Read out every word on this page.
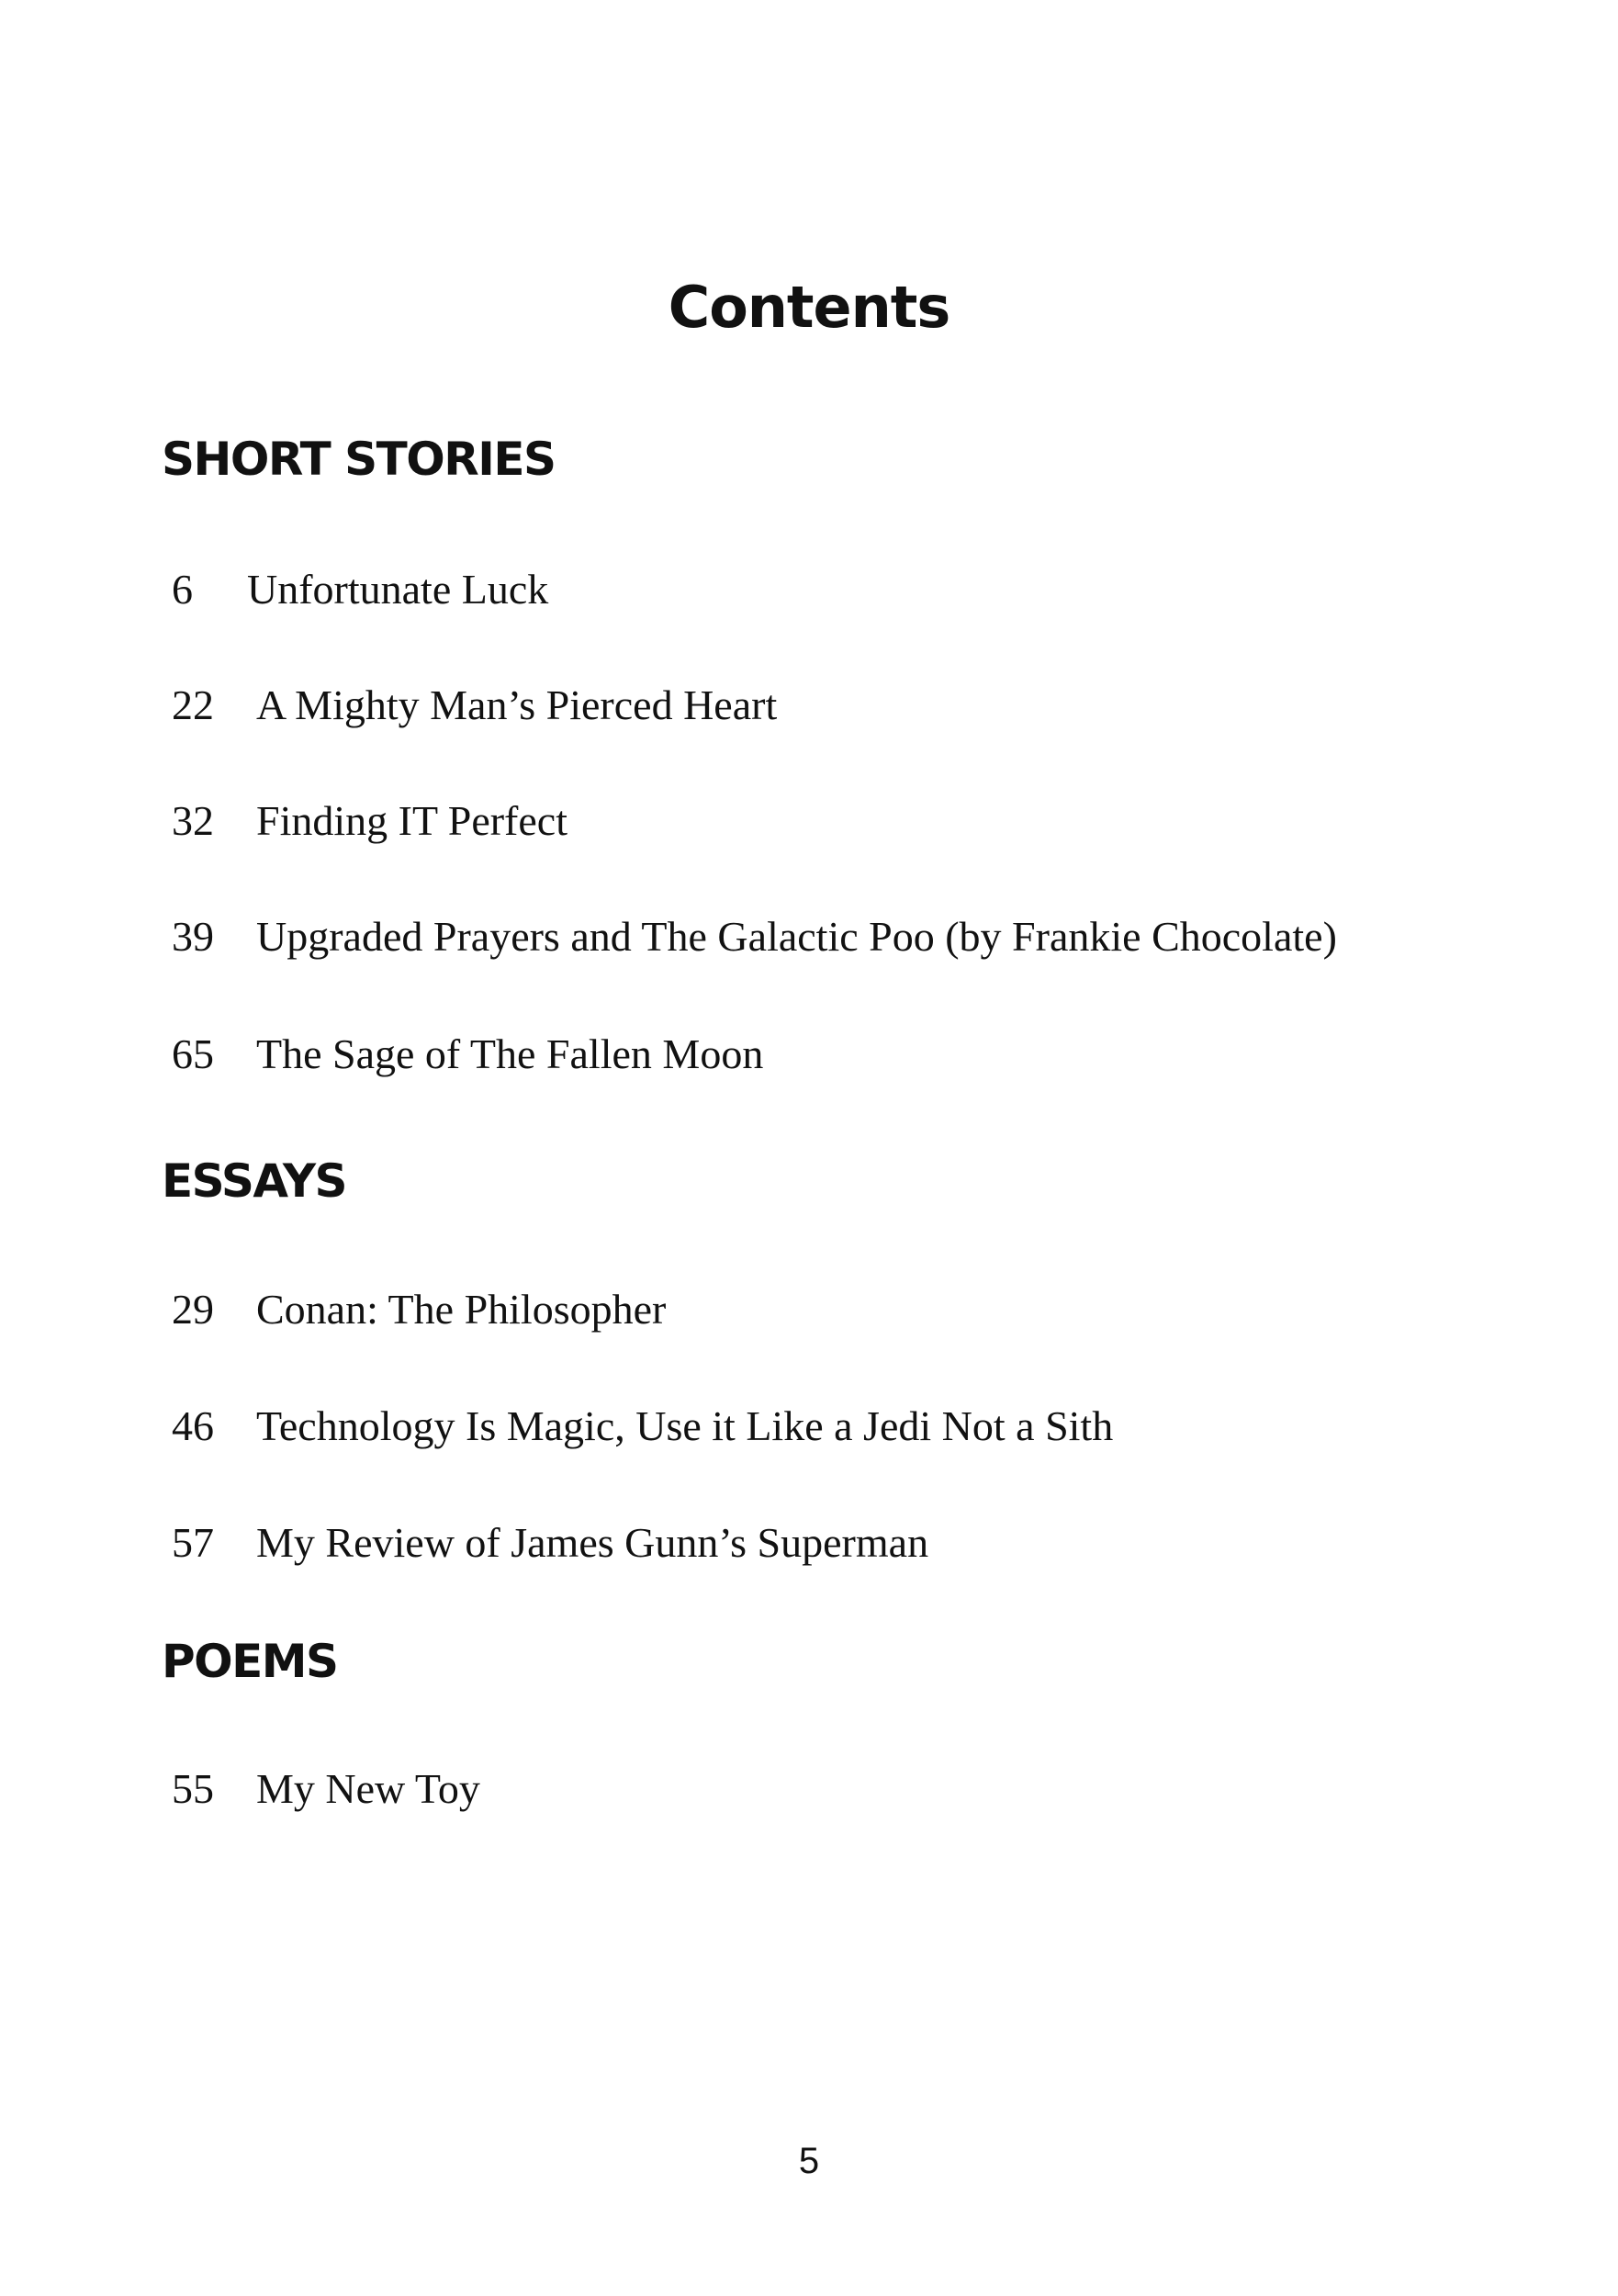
Contents
SHORT STORIES
6 Unfortunate Luck
22 A Mighty Man’s Pierced Heart
32 Finding IT Perfect
39 Upgraded Prayers and The Galactic Poo (by Frankie Chocolate)
65 The Sage of The Fallen Moon
ESSAYS
29 Conan: The Philosopher
46 Technology Is Magic, Use it Like a Jedi Not a Sith
57 My Review of James Gunn’s Superman
POEMS
55 My New Toy
5
